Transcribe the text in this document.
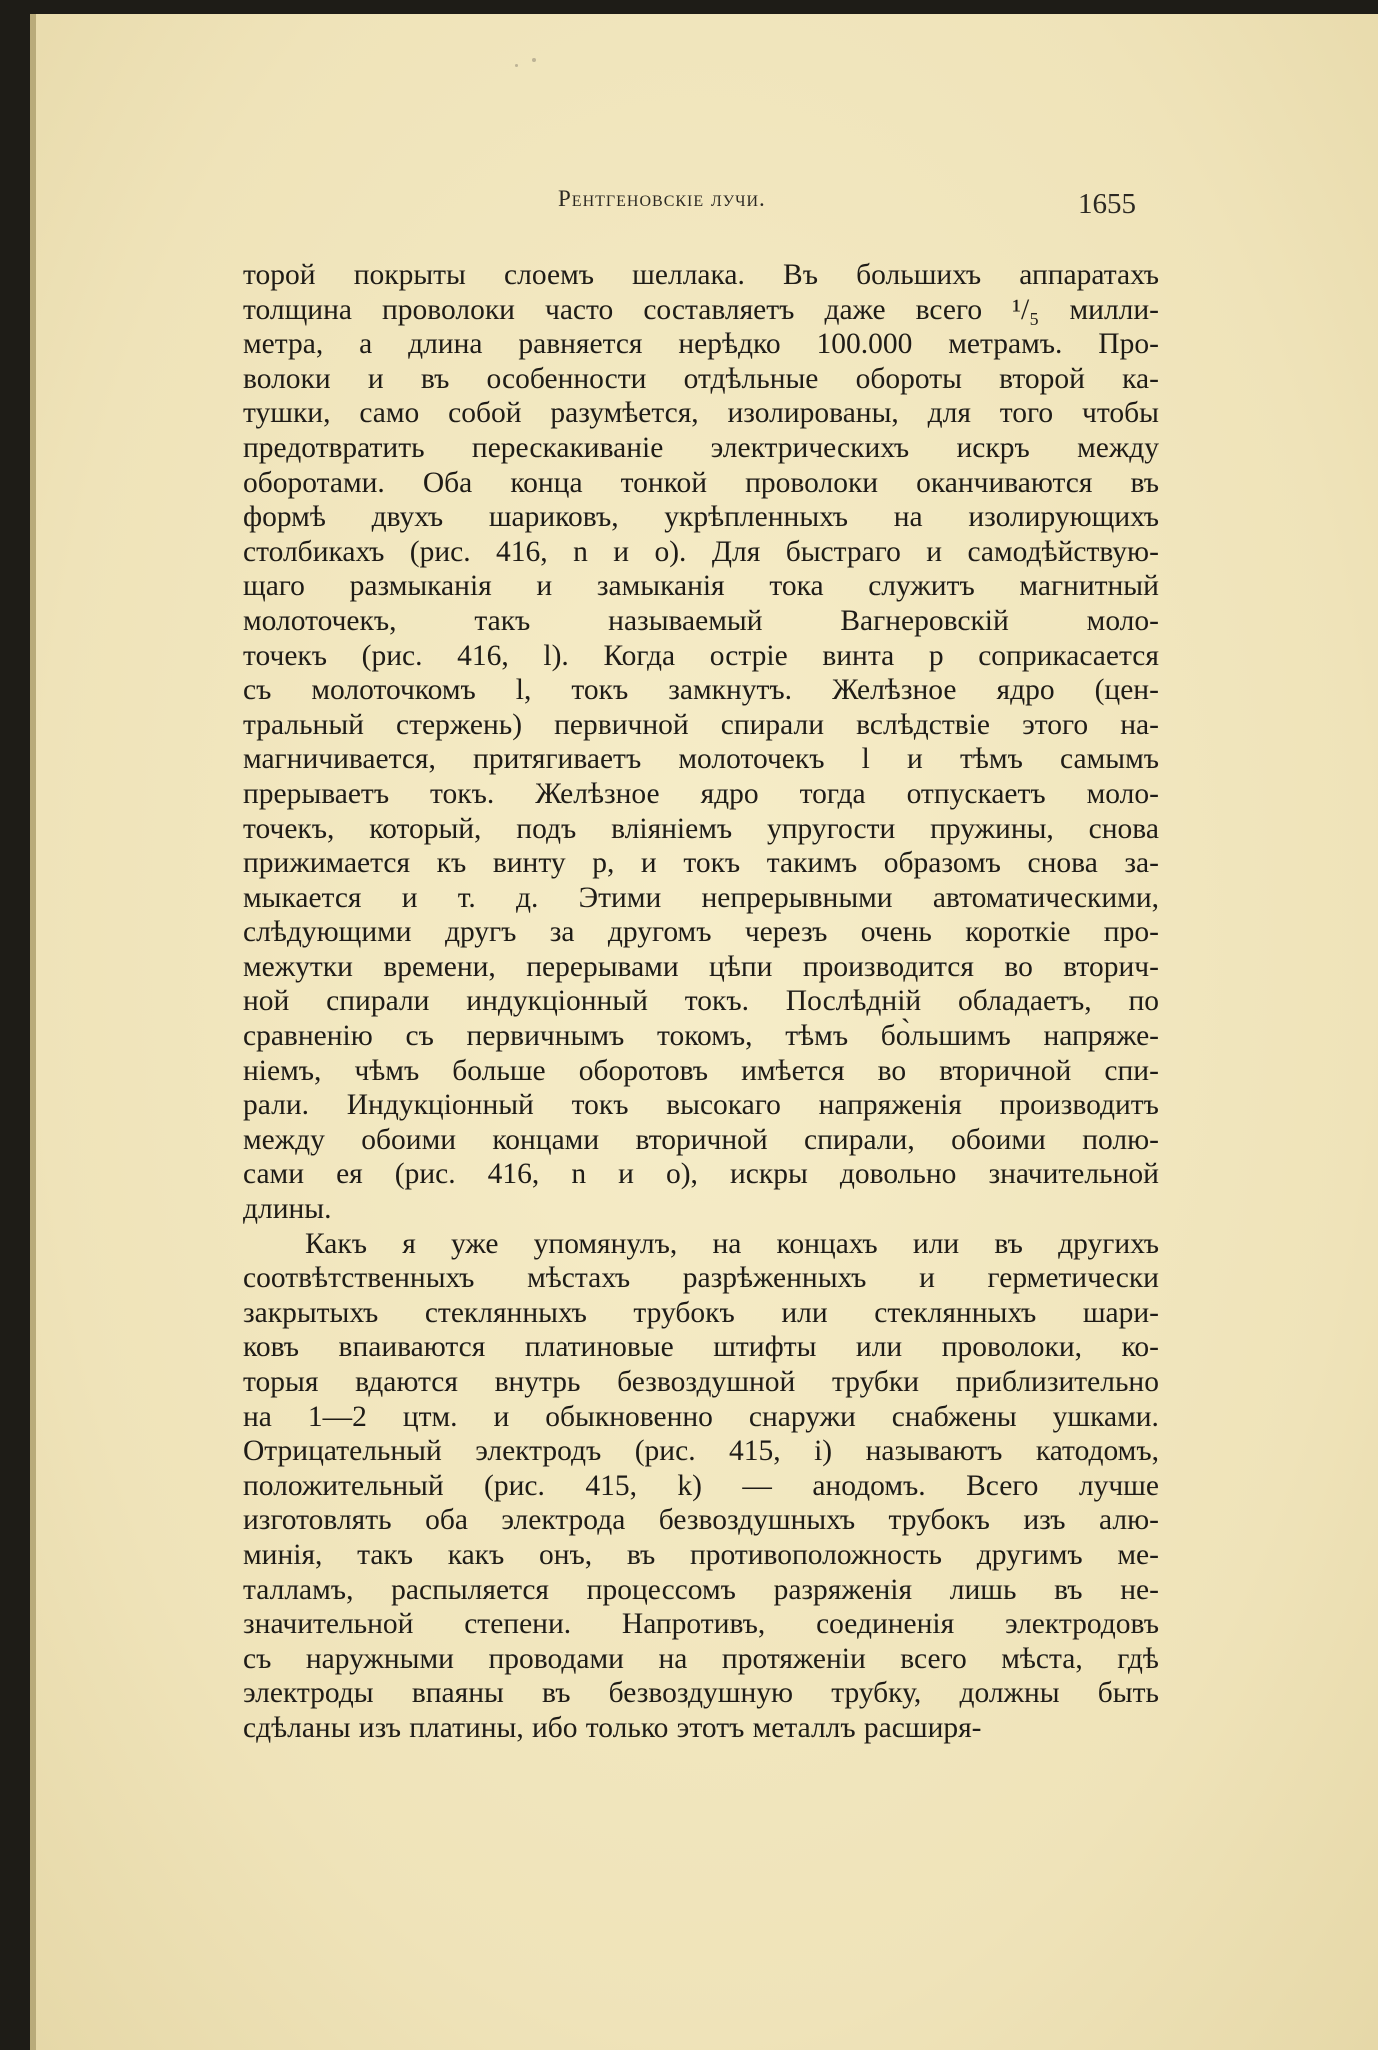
Рентгеновскіе лучи.	1655
торой покрыты слоемъ шеллака. Въ большихъ аппаратахъ
толщина проволоки часто составляетъ даже всего ¹/₅ милли-
метра, а длина равняется нерѣдко 100.000 метрамъ. Про-
волоки и въ особенности отдѣльные обороты второй ка-
тушки, само собой разумѣется, изолированы, для того чтобы
предотвратить перескакиваніе электрическихъ искръ между
оборотами. Оба конца тонкой проволоки оканчиваются въ
формѣ двухъ шариковъ, укрѣпленныхъ на изолирующихъ
столбикахъ (рис. 416, n и o). Для быстраго и самодѣйствую-
щаго размыканія и замыканія тока служитъ магнитный
молоточекъ,	такъ	называемый	Вагнеровскій	моло-
точекъ (рис. 416, l). Когда остріе винта p соприкасается
съ молоточкомъ l, токъ замкнутъ. Желѣзное ядро (цен-
тральный стержень) первичной спирали вслѣдствіе этого на-
магничивается, притягиваетъ молоточекъ l и тѣмъ самымъ
прерываетъ токъ. Желѣзное ядро тогда отпускаетъ моло-
точекъ, который, подъ вліяніемъ упругости пружины, снова
прижимается къ винту p, и токъ такимъ образомъ снова за-
мыкается и т. д. Этими непрерывными автоматическими,
слѣдующими другъ за другомъ черезъ очень короткіе про-
межутки времени, перерывами цѣпи производится во вторич-
ной спирали индукціонный токъ. Послѣдній обладаетъ, по
сравненію съ первичнымъ токомъ, тѣмъ бо̀льшимъ напряже-
ніемъ, чѣмъ больше оборотовъ имѣется во вторичной спи-
рали. Индукціонный токъ высокаго напряженія производитъ
между обоими концами вторичной спирали, обоими полю-
сами ея (рис. 416, n и o), искры довольно значительной
длины.
Какъ я уже упомянулъ, на концахъ или въ другихъ
соотвѣтственныхъ мѣстахъ разрѣженныхъ и герметически
закрытыхъ стеклянныхъ трубокъ или стеклянныхъ шари-
ковъ впаиваются платиновые штифты или проволоки, ко-
торыя вдаются внутрь безвоздушной трубки приблизительно
на 1—2 цтм. и обыкновенно снаружи снабжены ушками.
Отрицательный электродъ (рис. 415, i) называютъ катодомъ,
положительный (рис. 415, k) — анодомъ. Всего лучше
изготовлять оба электрода безвоздушныхъ трубокъ изъ алю-
минія, такъ какъ онъ, въ противоположность другимъ ме-
талламъ, распыляется процессомъ разряженія лишь въ не-
значительной степени. Напротивъ, соединенія электродовъ
съ наружными проводами на протяженіи всего мѣста, гдѣ
электроды впаяны въ безвоздушную трубку, должны быть
сдѣланы изъ платины, ибо только этотъ металлъ расширя-
